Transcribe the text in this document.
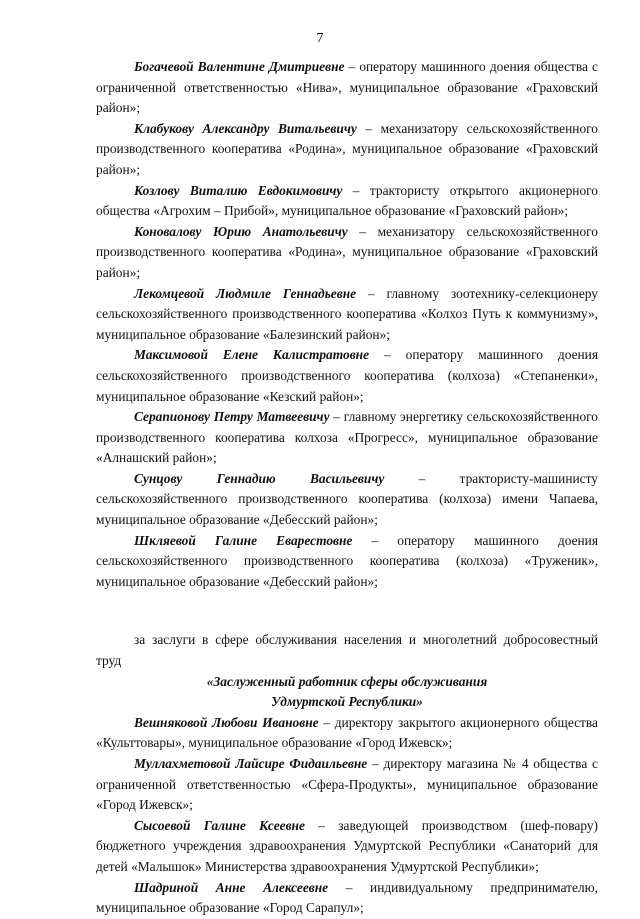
7

Богачевой Валентине Дмитриевне – оператору машинного доения общества с ограниченной ответственностью «Нива», муниципальное образование «Граховский район»;

Клабукову Александру Витальевичу – механизатору сельскохозяйственного производственного кооператива «Родина», муниципальное образование «Граховский район»;

Козлову Виталию Евдокимовичу – трактористу открытого акционерного общества «Агрохим – Прибой», муниципальное образование «Граховский район»;

Коновалову Юрию Анатольевичу – механизатору сельскохозяйственного производственного кооператива «Родина», муниципальное образование «Граховский район»;

Лекомцевой Людмиле Геннадьевне – главному зоотехнику-селекционеру сельскохозяйственного производственного кооператива «Колхоз Путь к коммунизму», муниципальное образование «Балезинский район»;

Максимовой Елене Калистратовне – оператору машинного доения сельскохозяйственного производственного кооператива (колхоза) «Степаненки», муниципальное образование «Кезский район»;

Серапионову Петру Матвеевичу – главному энергетику сельскохозяйственного производственного кооператива колхоза «Прогресс», муниципальное образование «Алнашский район»;

Сунцову Геннадию Васильевичу – трактористу-машинисту сельскохозяйственного производственного кооператива (колхоза) имени Чапаева, муниципальное образование «Дебесский район»;

Шкляевой Галине Еварестовне – оператору машинного доения сельскохозяйственного производственного кооператива (колхоза) «Труженик», муниципальное образование «Дебесский район»;

за заслуги в сфере обслуживания населения и многолетний добросовестный труд

«Заслуженный работник сферы обслуживания

Удмуртской Республики»

Вешняковой Любови Ивановне – директору закрытого акционерного общества «Культтовары», муниципальное образование «Город Ижевск»;

Муллахметовой Лайсире Фидаильевне – директору магазина № 4 общества с ограниченной ответственностью «Сфера-Продукты», муниципальное образование «Город Ижевск»;

Сысоевой Галине Ксеевне – заведующей производством (шеф-повару) бюджетного учреждения здравоохранения Удмуртской Республики «Санаторий для детей «Малышок» Министерства здравоохранения Удмуртской Республики»;

Шадриной Анне Алексеевне – индивидуальному предпринимателю, муниципальное образование «Город Сарапул»;
